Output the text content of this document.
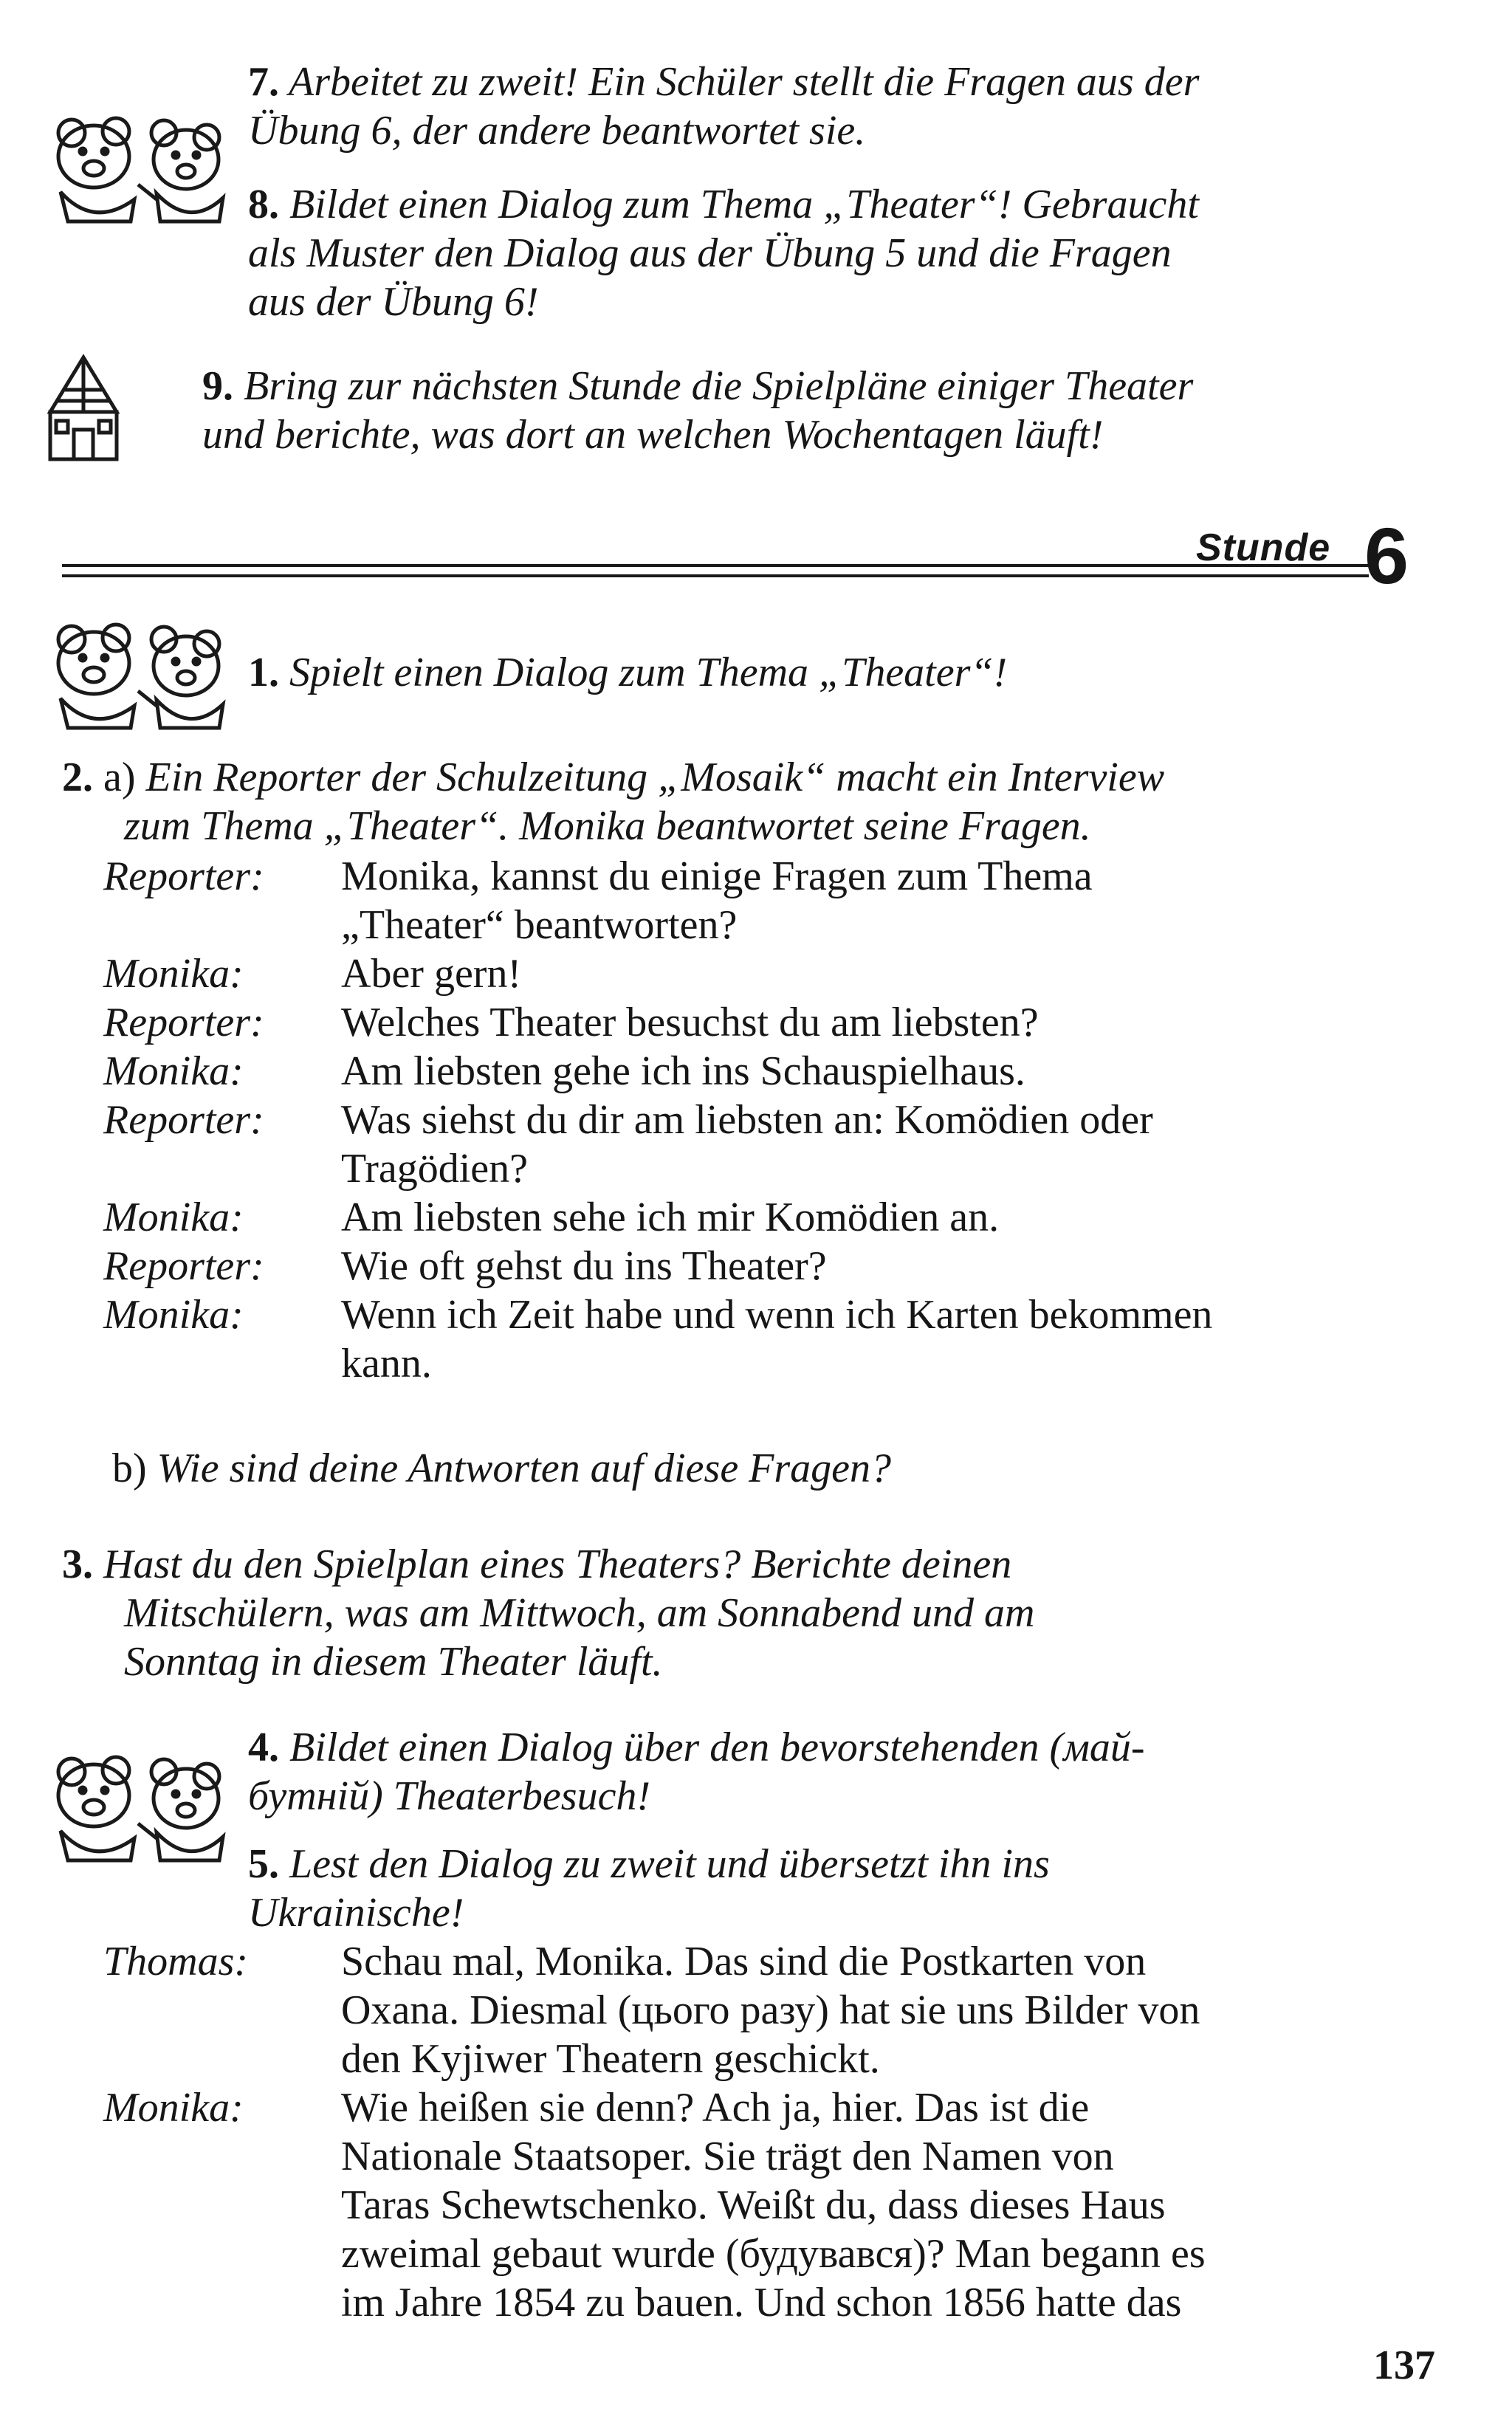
7. Arbeitet zu zweit! Ein Schüler stellt die Fragen aus der
Übung 6, der andere beantwortet sie.
8. Bildet einen Dialog zum Thema „Theater“! Gebraucht
als Muster den Dialog aus der Übung 5 und die Fragen
aus der Übung 6!
9. Bring zur nächsten Stunde die Spielpläne einiger Theater
und berichte, was dort an welchen Wochentagen läuft!
Stunde 6
1. Spielt einen Dialog zum Thema „Theater“!
2. a) Ein Reporter der Schulzeitung „Mosaik“ macht ein Interview
zum Thema „Theater“. Monika beantwortet seine Fragen.
Reporter:	Monika, kannst du einige Fragen zum Thema
„Theater“ beantworten?
Monika:	Aber gern!
Reporter:	Welches Theater besuchst du am liebsten?
Monika:	Am liebsten gehe ich ins Schauspielhaus.
Reporter:	Was siehst du dir am liebsten an: Komödien oder
Tragödien?
Monika:	Am liebsten sehe ich mir Komödien an.
Reporter:	Wie oft gehst du ins Theater?
Monika:	Wenn ich Zeit habe und wenn ich Karten bekommen
kann.
b) Wie sind deine Antworten auf diese Fragen?
3. Hast du den Spielplan eines Theaters? Berichte deinen
Mitschülern, was am Mittwoch, am Sonnabend und am
Sonntag in diesem Theater läuft.
4. Bildet einen Dialog über den bevorstehenden (май-
бутній) Theaterbesuch!
5. Lest den Dialog zu zweit und übersetzt ihn ins
Ukrainische!
Thomas:	Schau mal, Monika. Das sind die Postkarten von
Oxana. Diesmal (цього разу) hat sie uns Bilder von
den Kyjiwer Theatern geschickt.
Monika:	Wie heißen sie denn? Ach ja, hier. Das ist die
Nationale Staatsoper. Sie trägt den Namen von
Taras Schewtschenko. Weißt du, dass dieses Haus
zweimal gebaut wurde (будувався)? Man begann es
im Jahre 1854 zu bauen. Und schon 1856 hatte das
137
